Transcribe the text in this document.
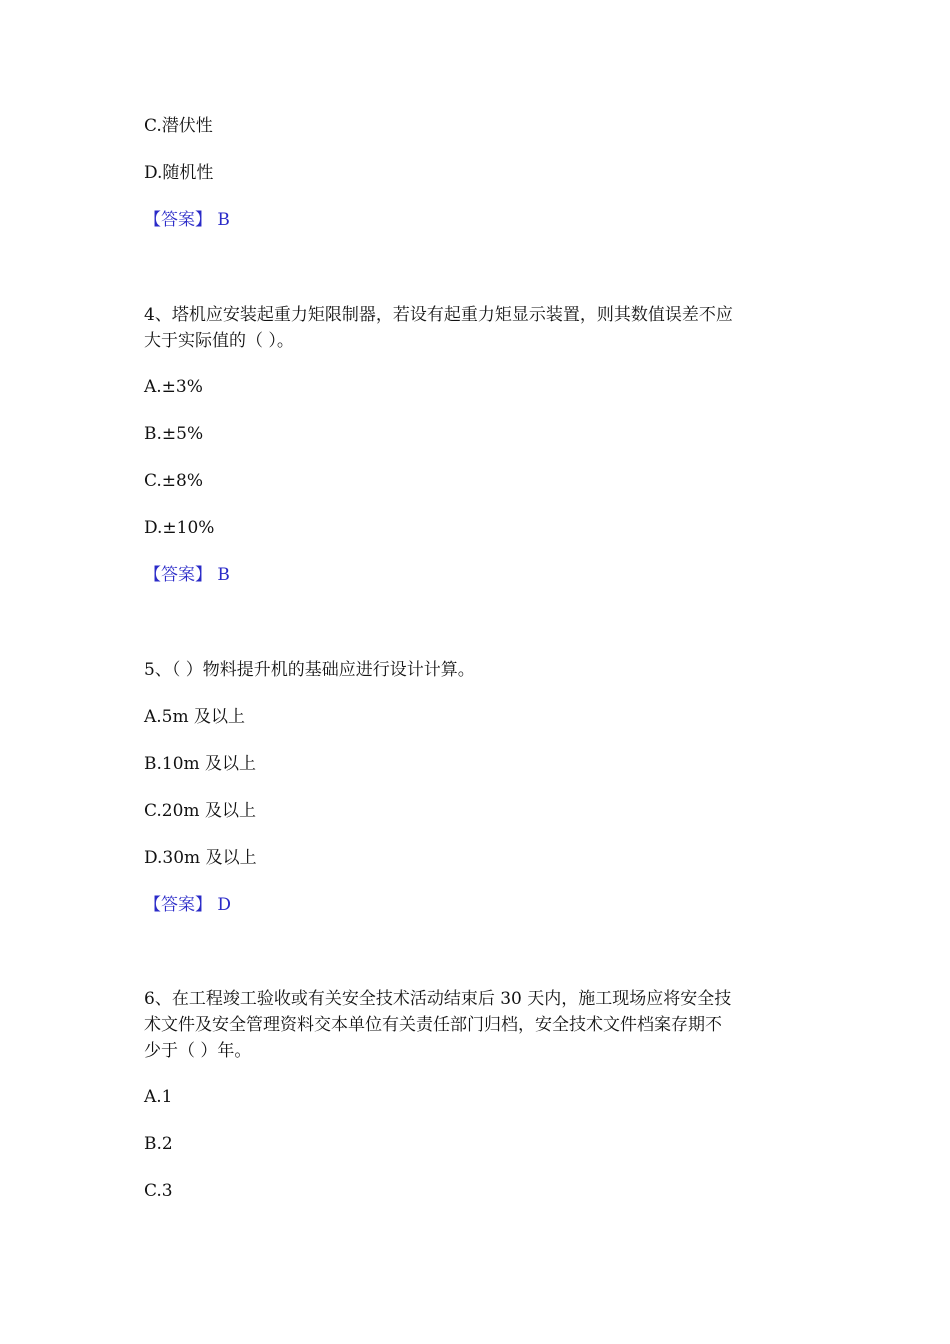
C.潜伏性
D.随机性
【答案】 B
4、塔机应安装起重力矩限制器，若设有起重力矩显示装置，则其数值误差不应
大于实际值的（ ）。
A.±3%
B.±5%
C.±8%
D.±10%
【答案】 B
5、（ ）物料提升机的基础应进行设计计算。
A.5m 及以上
B.10m 及以上
C.20m 及以上
D.30m 及以上
【答案】 D
6、在工程竣工验收或有关安全技术活动结束后 30 天内，施工现场应将安全技
术文件及安全管理资料交本单位有关责任部门归档，安全技术文件档案存期不
少于（ ）年。
A.1
B.2
C.3
